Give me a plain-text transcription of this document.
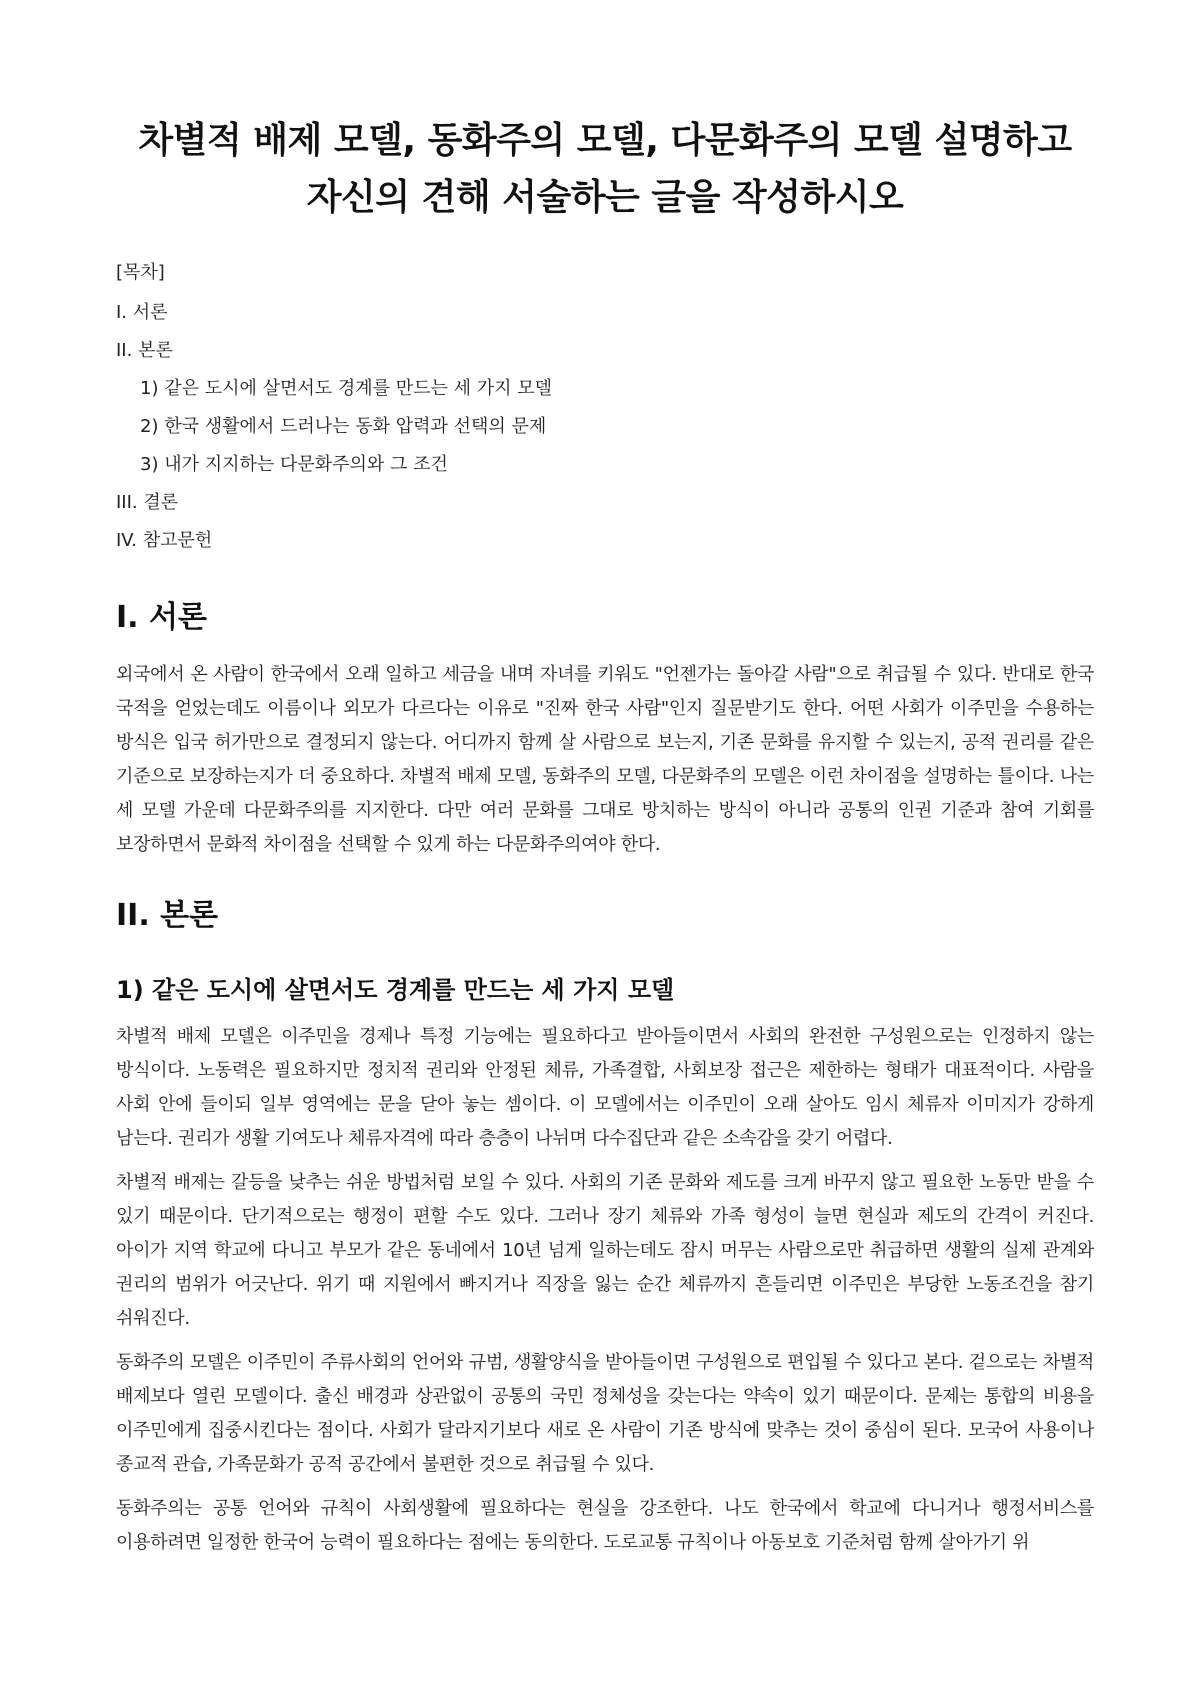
차별적 배제 모델, 동화주의 모델, 다문화주의 모델 설명하고 자신의 견해 서술하는 글을 작성하시오
[목차]
I. 서론
II. 본론
1) 같은 도시에 살면서도 경계를 만드는 세 가지 모델
2) 한국 생활에서 드러나는 동화 압력과 선택의 문제
3) 내가 지지하는 다문화주의와 그 조건
III. 결론
IV. 참고문헌
I. 서론

외국에서 온 사람이 한국에서 오래 일하고 세금을 내며 자녀를 키워도 "언젠가는 돌아갈 사람"으로 취급될 수 있다. 반대로 한국 국적을 얻었는데도 이름이나 외모가 다르다는 이유로 "진짜 한국 사람"인지 질문받기도 한다. 어떤 사회가 이주민을 수용하는 방식은 입국 허가만으로 결정되지 않는다. 어디까지 함께 살 사람으로 보는지, 기존 문화를 유지할 수 있는지, 공적 권리를 같은 기준으로 보장하는지가 더 중요하다. 차별적 배제 모델, 동화주의 모델, 다문화주의 모델은 이런 차이점을 설명하는 틀이다. 나는 세 모델 가운데 다문화주의를 지지한다. 다만 여러 문화를 그대로 방치하는 방식이 아니라 공통의 인권 기준과 참여 기회를 보장하면서 문화적 차이점을 선택할 수 있게 하는 다문화주의여야 한다.

II. 본론
1) 같은 도시에 살면서도 경계를 만드는 세 가지 모델

차별적 배제 모델은 이주민을 경제나 특정 기능에는 필요하다고 받아들이면서 사회의 완전한 구성원으로는 인정하지 않는 방식이다. 노동력은 필요하지만 정치적 권리와 안정된 체류, 가족결합, 사회보장 접근은 제한하는 형태가 대표적이다. 사람을 사회 안에 들이되 일부 영역에는 문을 닫아 놓는 셈이다. 이 모델에서는 이주민이 오래 살아도 임시 체류자 이미지가 강하게 남는다. 권리가 생활 기여도나 체류자격에 따라 층층이 나뉘며 다수집단과 같은 소속감을 갖기 어렵다.

차별적 배제는 갈등을 낮추는 쉬운 방법처럼 보일 수 있다. 사회의 기존 문화와 제도를 크게 바꾸지 않고 필요한 노동만 받을 수 있기 때문이다. 단기적으로는 행정이 편할 수도 있다. 그러나 장기 체류와 가족 형성이 늘면 현실과 제도의 간격이 커진다. 아이가 지역 학교에 다니고 부모가 같은 동네에서 10년 넘게 일하는데도 잠시 머무는 사람으로만 취급하면 생활의 실제 관계와 권리의 범위가 어긋난다. 위기 때 지원에서 빠지거나 직장을 잃는 순간 체류까지 흔들리면 이주민은 부당한 노동조건을 참기 쉬워진다.

동화주의 모델은 이주민이 주류사회의 언어와 규범, 생활양식을 받아들이면 구성원으로 편입될 수 있다고 본다. 겉으로는 차별적 배제보다 열린 모델이다. 출신 배경과 상관없이 공통의 국민 정체성을 갖는다는 약속이 있기 때문이다. 문제는 통합의 비용을 이주민에게 집중시킨다는 점이다. 사회가 달라지기보다 새로 온 사람이 기존 방식에 맞추는 것이 중심이 된다. 모국어 사용이나 종교적 관습, 가족문화가 공적 공간에서 불편한 것으로 취급될 수 있다.

동화주의는 공통 언어와 규칙이 사회생활에 필요하다는 현실을 강조한다. 나도 한국에서 학교에 다니거나 행정서비스를 이용하려면 일정한 한국어 능력이 필요하다는 점에는 동의한다. 도로교통 규칙이나 아동보호 기준처럼 함께 살아가기 위
